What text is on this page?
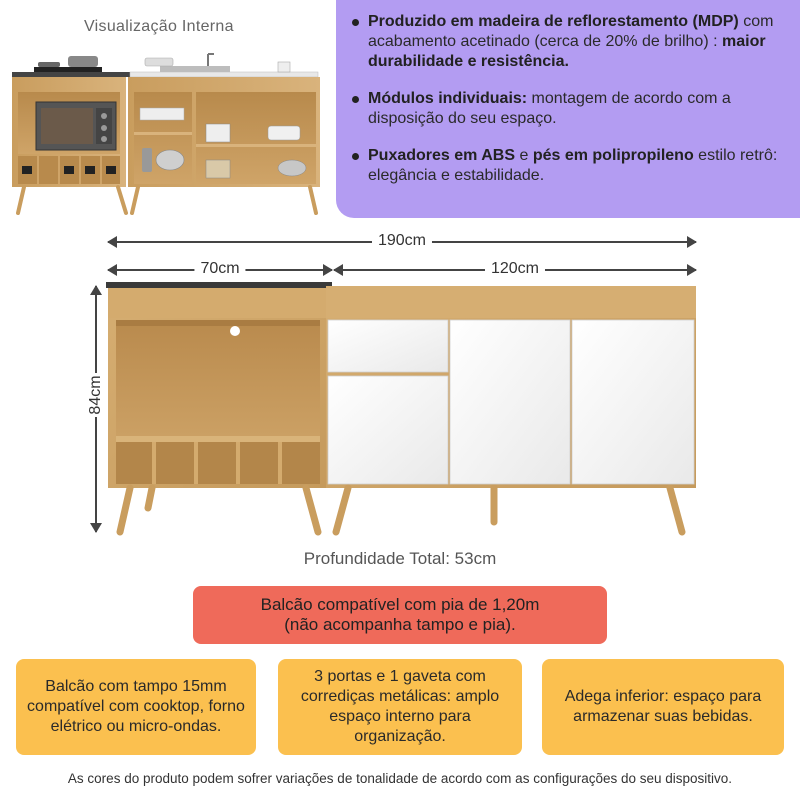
Visualização Interna	Produzido em madeira de reflorestamento (MDP) com acabamento acetinado (cerca de 20% de brilho) : maior durabilidade e resistência.
Módulos individuais: montagem de acordo com a disposição do seu espaço.
Puxadores em ABS e pés em polipropileno estilo retrô: elegância e estabilidade.
190cm
70cm	120cm
84cm
Profundidade Total: 53cm
Balcão compatível com pia de 1,20m
(não acompanha tampo e pia).
Balcão com tampo 15mm compatível com cooktop, forno elétrico ou micro-ondas.
3 portas e 1 gaveta com corrediças metálicas: amplo espaço interno para organização.
Adega inferior: espaço para armazenar suas bebidas.
As cores do produto podem sofrer variações de tonalidade de acordo com as configurações do seu dispositivo.
